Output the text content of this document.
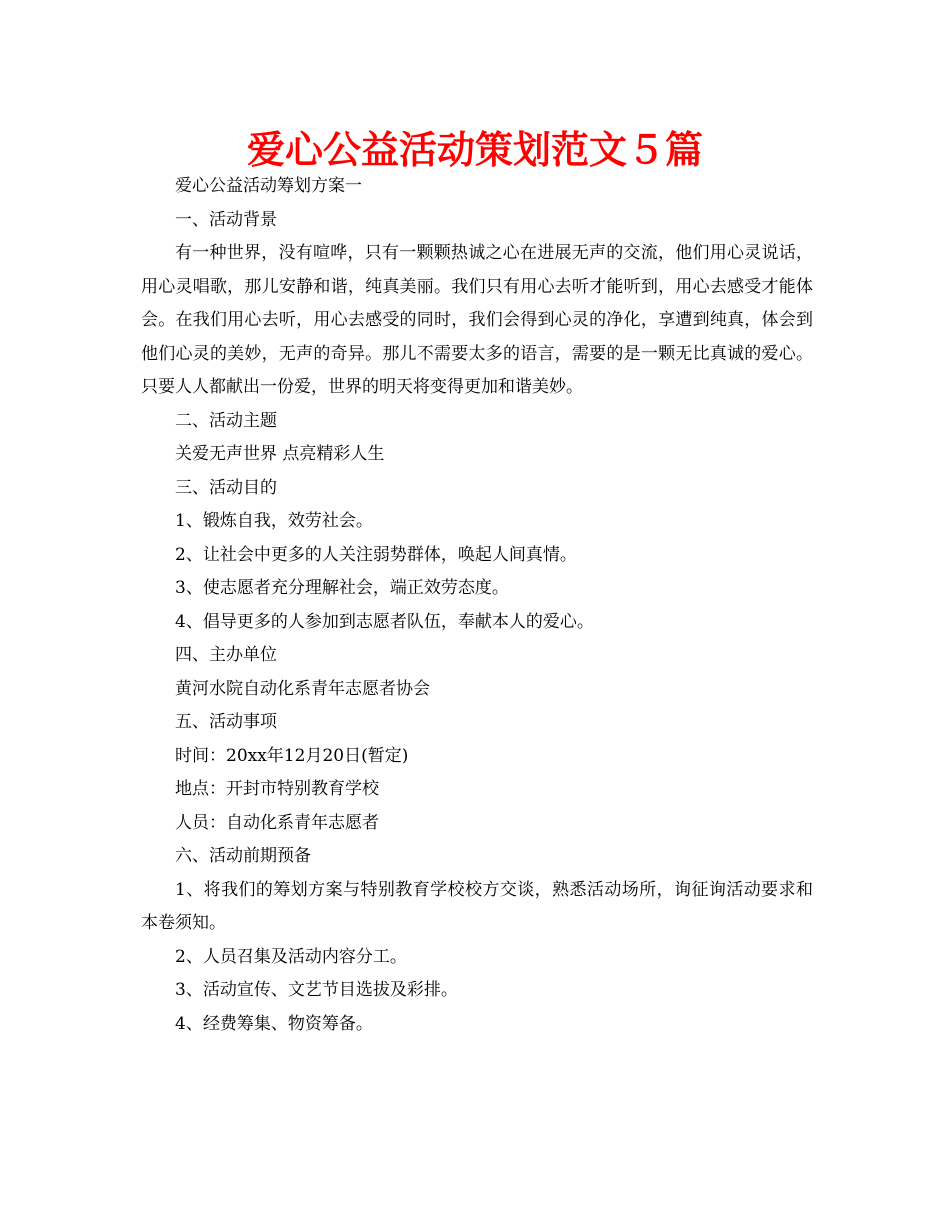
爱心公益活动策划范文５篇

爱心公益活动筹划方案一

一、活动背景

有一种世界，没有喧哗，只有一颗颗热诚之心在进展无声的交流，他们用心灵说话，用心灵唱歌，那儿安静和谐，纯真美丽。我们只有用心去听才能听到，用心去感受才能体会。在我们用心去听，用心去感受的同时，我们会得到心灵的净化，享遭到纯真，体会到他们心灵的美妙，无声的奇异。那儿不需要太多的语言，需要的是一颗无比真诚的爱心。只要人人都献出一份爱，世界的明天将变得更加和谐美妙。

二、活动主题

关爱无声世界 点亮精彩人生

三、活动目的

1、锻炼自我，效劳社会。

2、让社会中更多的人关注弱势群体，唤起人间真情。

3、使志愿者充分理解社会，端正效劳态度。

4、倡导更多的人参加到志愿者队伍，奉献本人的爱心。

四、主办单位

黄河水院自动化系青年志愿者协会

五、活动事项

时间：20xx年12月20日(暂定)

地点：开封市特别教育学校

人员：自动化系青年志愿者

六、活动前期预备

1、将我们的筹划方案与特别教育学校校方交谈，熟悉活动场所，询征询活动要求和本卷须知。

2、人员召集及活动内容分工。

3、活动宣传、文艺节目选拔及彩排。

4、经费筹集、物资筹备。
